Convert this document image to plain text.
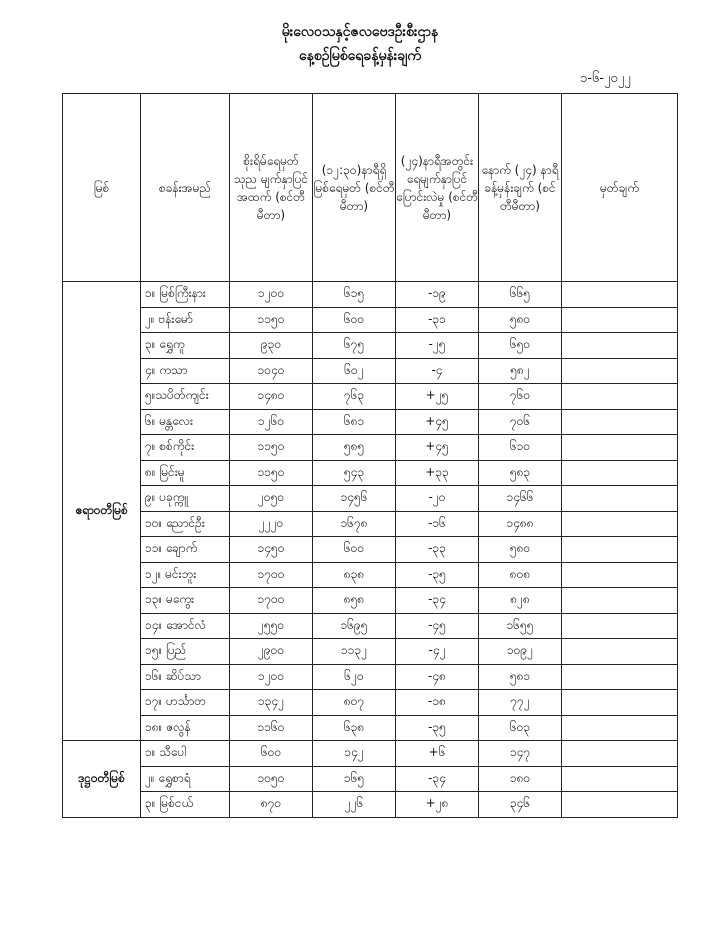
မိုးလေဝသနှင့်ဇလဗေဒဦးစီးဌာန
နေ့စဉ်မြစ်ရေခန့်မှန်းချက်
၁-၆-၂၀၂၂
မြစ်	စခန်းအမည်	စိုးရိမ်ရေမှတ် သုည မျက်နှာပြင် အထက် (စင်တီမီတာ)	(၁၂:၃၀)နာရီရှိ မြစ်ရေမှတ် (စင်တီမီတာ)	(၂၄)နာရီအတွင်း ရေမျက်နှာပြင် ပြောင်းလဲမှု (စင်တီမီတာ)	နောက် (၂၄) နာရီ ခန့်မှန်းချက် (စင်တီမီတာ)	မှတ်ချက်
ဧရာဝတီမြစ်	၁။ မြစ်ကြီးနား	၁၂၀၀	၆၁၅	-၁၉	၆၆၅	
	၂။ ဗန်းမော်	၁၁၅၀	၆၀၀	-၃၁	၅၈၀	
	၃။ ရွှေကူ	၉၃၀	၆၇၅	-၂၅	၆၅၀	
	၄။ ကသာ	၁၀၄၀	၆၀၂	-၄	၅၈၂	
	၅။သပိတ်ကျင်း	၁၄၈၀	၇၆၃	+၂၅	၇၆၀	
	၆။ မန္တလေး	၁၂၆၀	၆၈၁	+၄၅	၇၀၆	
	၇။ စစ်ကိုင်း	၁၁၅၀	၅၈၅	+၄၅	၆၁၀	
	၈။ မြင်းမူ	၁၁၅၀	၅၄၃	+၃၃	၅၈၃	
	၉။ ပခုက္ကူ	၂၀၅၀	၁၄၅၆	-၂၀	၁၄၆၆	
	၁၀။ ညောင်ဦး	၂၂၂၀	၁၆၇၈	-၁၆	၁၄၈၈	
	၁၁။ ချောက်	၁၄၅၀	၆၀၀	-၃၃	၅၈၀	
	၁၂။ မင်းဘူး	၁၇၀၀	၈၃၈	-၃၅	၈၀၈	
	၁၃။ မကွေး	၁၇၀၀	၈၅၈	-၃၄	၈၂၈	
	၁၄။ အောင်လံ	၂၅၅၀	၁၆၉၅	-၄၅	၁၆၅၅	
	၁၅။ ပြည်	၂၉၀၀	၁၁၃၂	-၄၂	၁၀၉၂	
	၁၆။ ဆိပ်သာ	၁၂၀၀	၆၂၀	-၄၈	၅၈၁	
	၁၇။ ဟင်္သာတ	၁၃၄၂	၈၀၇	-၁၈	၇၇၂	
	၁၈။ ဇလွန်	၁၁၆၀	၆၃၈	-၃၅	၆၀၃	
ဒုဋ္ဌဝတီမြစ်	၁။ သီပေါ	၆၀၀	၁၄၂	+၆	၁၄၇	
	၂။ ရွှေစာရံ	၁၀၅၀	၁၆၅	-၃၄	၁၈၀	
	၃။ မြစ်ငယ်	၈၇၀	၂၂၆	+၂၈	၃၄၆	
